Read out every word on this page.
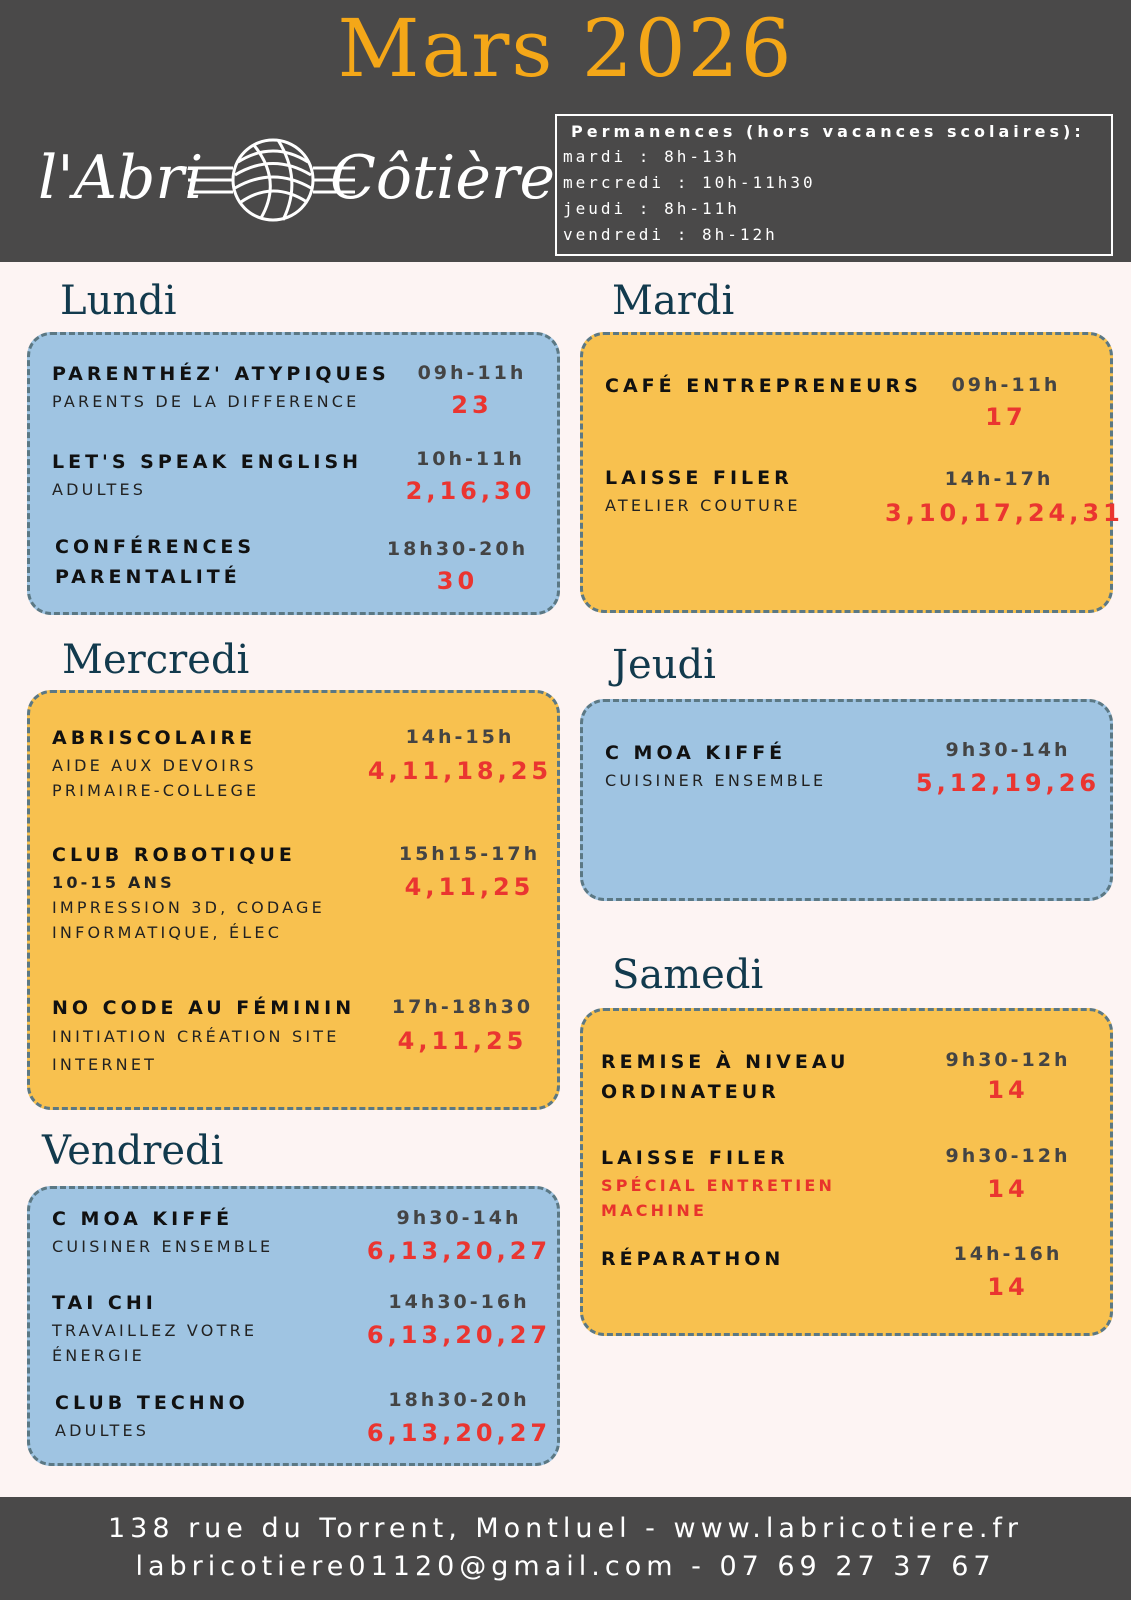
Mars 2026
l'Abri Côtière
Permanences (hors vacances scolaires):
mardi : 8h-13h
mercredi : 10h-11h30
jeudi : 8h-11h
vendredi : 8h-12h
Lundi
PARENTHÉZ' ATYPIQUES
PARENTS DE LA DIFFERENCE
09h-11h
23
LET'S SPEAK ENGLISH
ADULTES
10h-11h
2,16,30
CONFÉRENCES
PARENTALITÉ
18h30-20h
30
Mardi
CAFÉ ENTREPRENEURS	09h-11h
17
LAISSE FILER
ATELIER COUTURE
14h-17h
3,10,17,24,31
Mercredi
ABRISCOLAIRE
AIDE AUX DEVOIRS
PRIMAIRE-COLLEGE
14h-15h
4,11,18,25
CLUB ROBOTIQUE
10-15 ANS
IMPRESSION 3D, CODAGE
INFORMATIQUE, ÉLEC
15h15-17h
4,11,25
NO CODE AU FÉMININ
INITIATION CRÉATION SITE
INTERNET
17h-18h30
4,11,25
Jeudi
C MOA KIFFÉ
CUISINER ENSEMBLE
9h30-14h
5,12,19,26
Samedi
REMISE À NIVEAU
ORDINATEUR
9h30-12h
14
LAISSE FILER
SPÉCIAL ENTRETIEN
MACHINE
9h30-12h
14
RÉPARATHON	14h-16h
14
Vendredi
C MOA KIFFÉ
CUISINER ENSEMBLE
9h30-14h
6,13,20,27
TAI CHI
TRAVAILLEZ VOTRE
ÉNERGIE
14h30-16h
6,13,20,27
CLUB TECHNO
ADULTES
18h30-20h
6,13,20,27
138 rue du Torrent, Montluel - www.labricotiere.fr
labricotiere01120@gmail.com - 07 69 27 37 67
